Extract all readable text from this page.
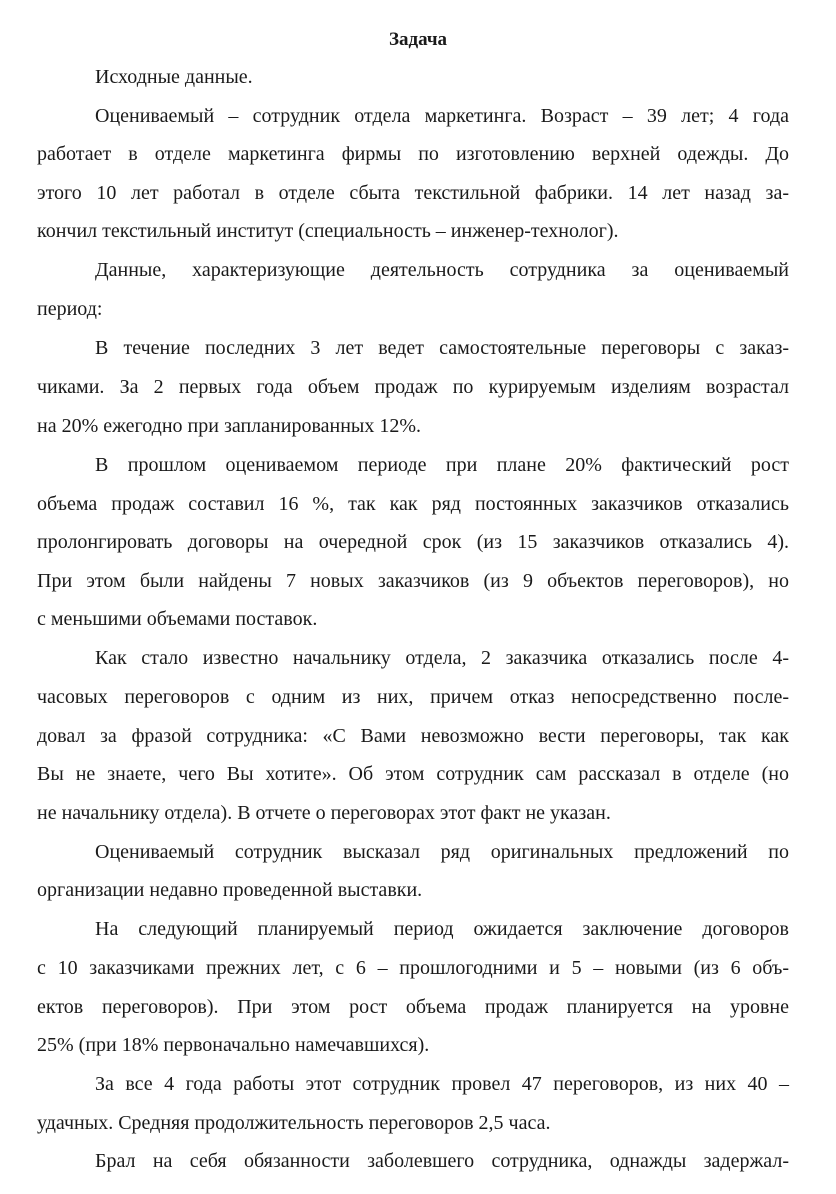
Задача
Исходные данные.
Оцениваемый – сотрудник отдела маркетинга. Возраст – 39 лет; 4 года
работает в отделе маркетинга фирмы по изготовлению верхней одежды. До
этого 10 лет работал в отделе сбыта текстильной фабрики. 14 лет назад за-
кончил текстильный институт (специальность – инженер-технолог).
Данные, характеризующие деятельность сотрудника за оцениваемый
период:
В течение последних 3 лет ведет самостоятельные переговоры с заказ-
чиками. За 2 первых года объем продаж по курируемым изделиям возрастал
на 20% ежегодно при запланированных 12%.
В прошлом оцениваемом периоде при плане 20% фактический рост
объема продаж составил 16 %, так как ряд постоянных заказчиков отказались
пролонгировать договоры на очередной срок (из 15 заказчиков отказались 4).
При этом были найдены 7 новых заказчиков (из 9 объектов переговоров), но
с меньшими объемами поставок.
Как стало известно начальнику отдела, 2 заказчика отказались после 4-
часовых переговоров с одним из них, причем отказ непосредственно после-
довал за фразой сотрудника: «С Вами невозможно вести переговоры, так как
Вы не знаете, чего Вы хотите». Об этом сотрудник сам рассказал в отделе (но
не начальнику отдела). В отчете о переговорах этот факт не указан.
Оцениваемый сотрудник высказал ряд оригинальных предложений по
организации недавно проведенной выставки.
На следующий планируемый период ожидается заключение договоров
с 10 заказчиками прежних лет, с 6 – прошлогодними и 5 – новыми (из 6 объ-
ектов переговоров). При этом рост объема продаж планируется на уровне
25% (при 18% первоначально намечавшихся).
За все 4 года работы этот сотрудник провел 47 переговоров, из них 40 –
удачных. Средняя продолжительность переговоров 2,5 часа.
Брал на себя обязанности заболевшего сотрудника, однажды задержал-
